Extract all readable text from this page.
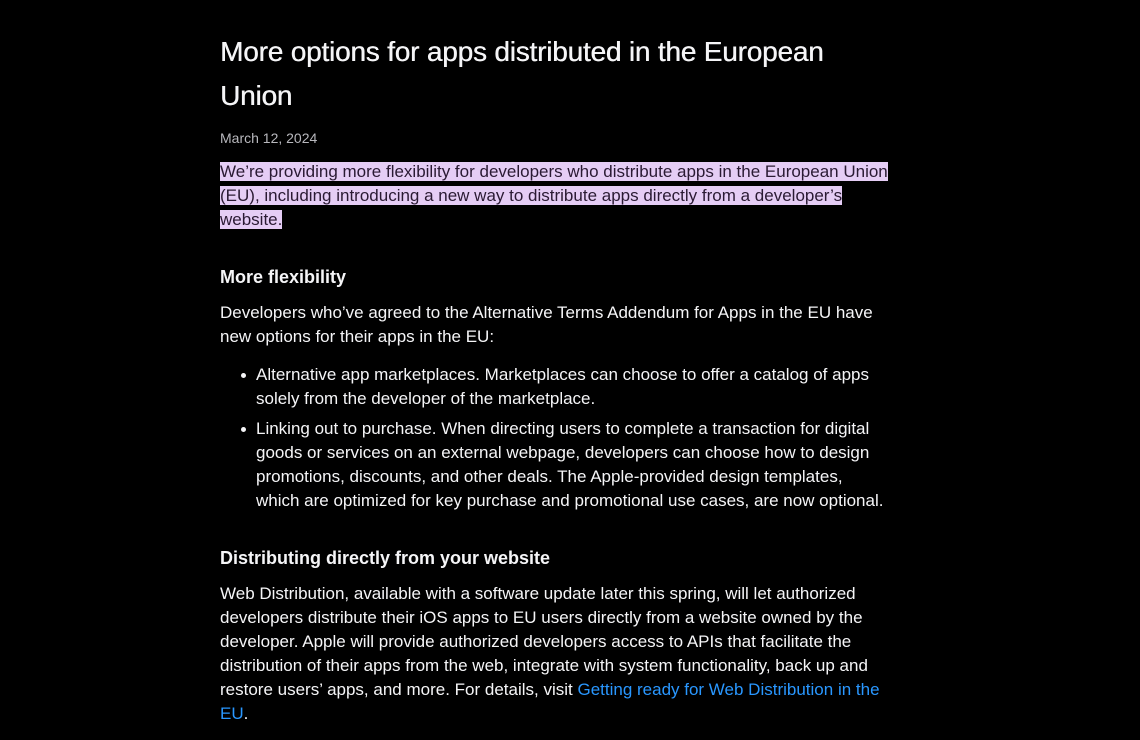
More options for apps distributed in the European Union
March 12, 2024

We’re providing more flexibility for developers who distribute apps in the European Union (EU), including introducing a new way to distribute apps directly from a developer’s website.

More flexibility

Developers who’ve agreed to the Alternative Terms Addendum for Apps in the EU have new options for their apps in the EU:

Alternative app marketplaces. Marketplaces can choose to offer a catalog of apps solely from the developer of the marketplace.
Linking out to purchase. When directing users to complete a transaction for digital goods or services on an external webpage, developers can choose how to design promotions, discounts, and other deals. The Apple-provided design templates, which are optimized for key purchase and promotional use cases, are now optional.
Distributing directly from your website

Web Distribution, available with a software update later this spring, will let authorized developers distribute their iOS apps to EU users directly from a website owned by the developer. Apple will provide authorized developers access to APIs that facilitate the distribution of their apps from the web, integrate with system functionality, back up and restore users’ apps, and more. For details, visit Getting ready for Web Distribution in the EU.
